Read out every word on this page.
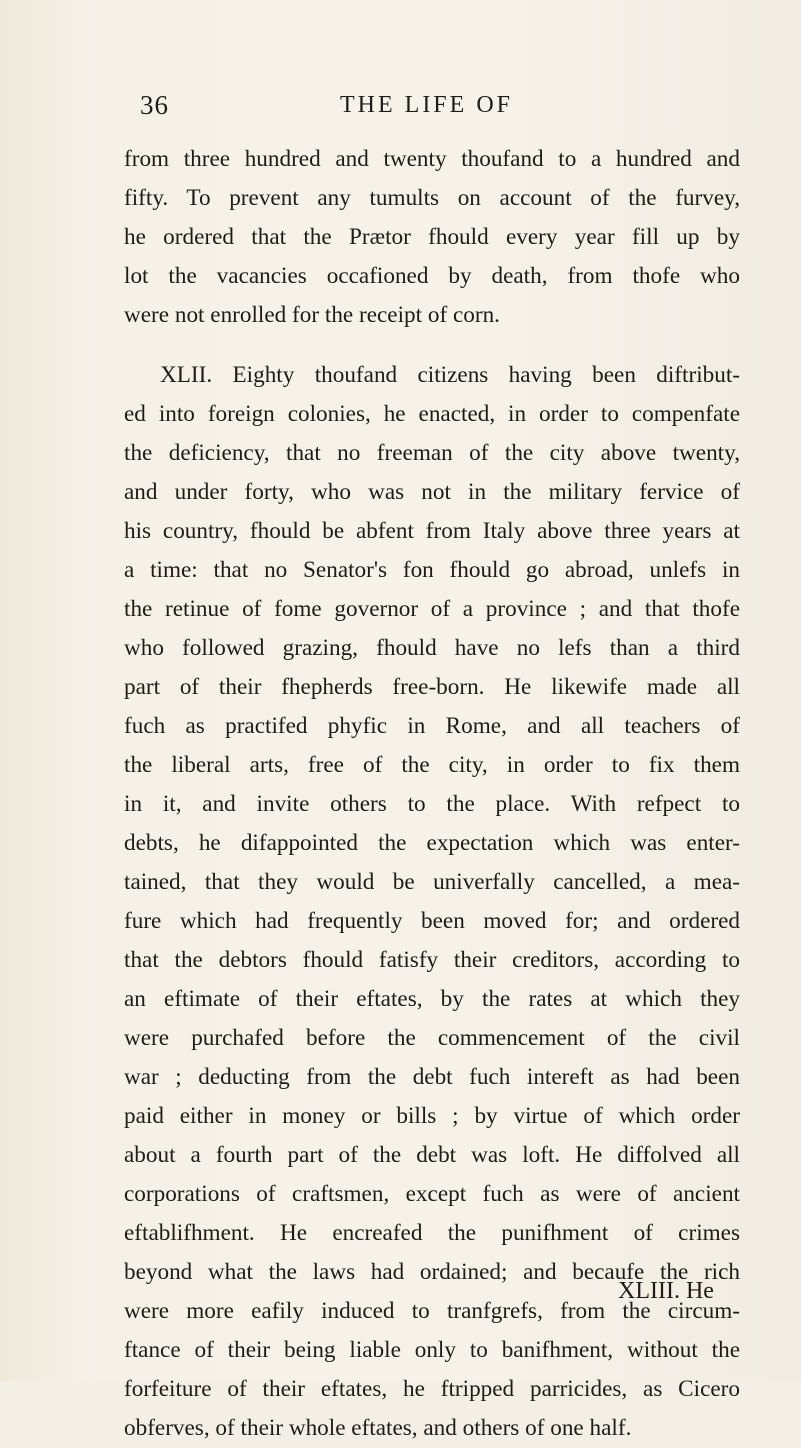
36	THE LIFE OF
from three hundred and twenty thoufand to a hundred and
fifty. To prevent any tumults on account of the furvey,
he ordered that the Prætor fhould every year fill up by
lot the vacancies occafioned by death, from thofe who
were not enrolled for the receipt of corn.
XLII. Eighty thoufand citizens having been diftribut-
ed into foreign colonies, he enacted, in order to compenfate
the deficiency, that no freeman of the city above twenty,
and under forty, who was not in the military fervice of
his country, fhould be abfent from Italy above three years at
a time: that no Senator's fon fhould go abroad, unlefs in
the retinue of fome governor of a province ; and that thofe
who followed grazing, fhould have no lefs than a third
part of their fhepherds free-born. He likewife made all
fuch as practifed phyfic in Rome, and all teachers of
the liberal arts, free of the city, in order to fix them
in it, and invite others to the place. With refpect to
debts, he difappointed the expectation which was enter-
tained, that they would be univerfally cancelled, a mea-
fure which had frequently been moved for; and ordered
that the debtors fhould fatisfy their creditors, according to
an eftimate of their eftates, by the rates at which they
were purchafed before the commencement of the civil
war ; deducting from the debt fuch intereft as had been
paid either in money or bills ; by virtue of which order
about a fourth part of the debt was loft. He diffolved all
corporations of craftsmen, except fuch as were of ancient
eftablifhment. He encreafed the punifhment of crimes
beyond what the laws had ordained; and becaufe the rich
were more eafily induced to tranfgrefs, from the circum-
ftance of their being liable only to banifhment, without the
forfeiture of their eftates, he ftripped parricides, as Cicero
obferves, of their whole eftates, and others of one half.
XLIII. He
